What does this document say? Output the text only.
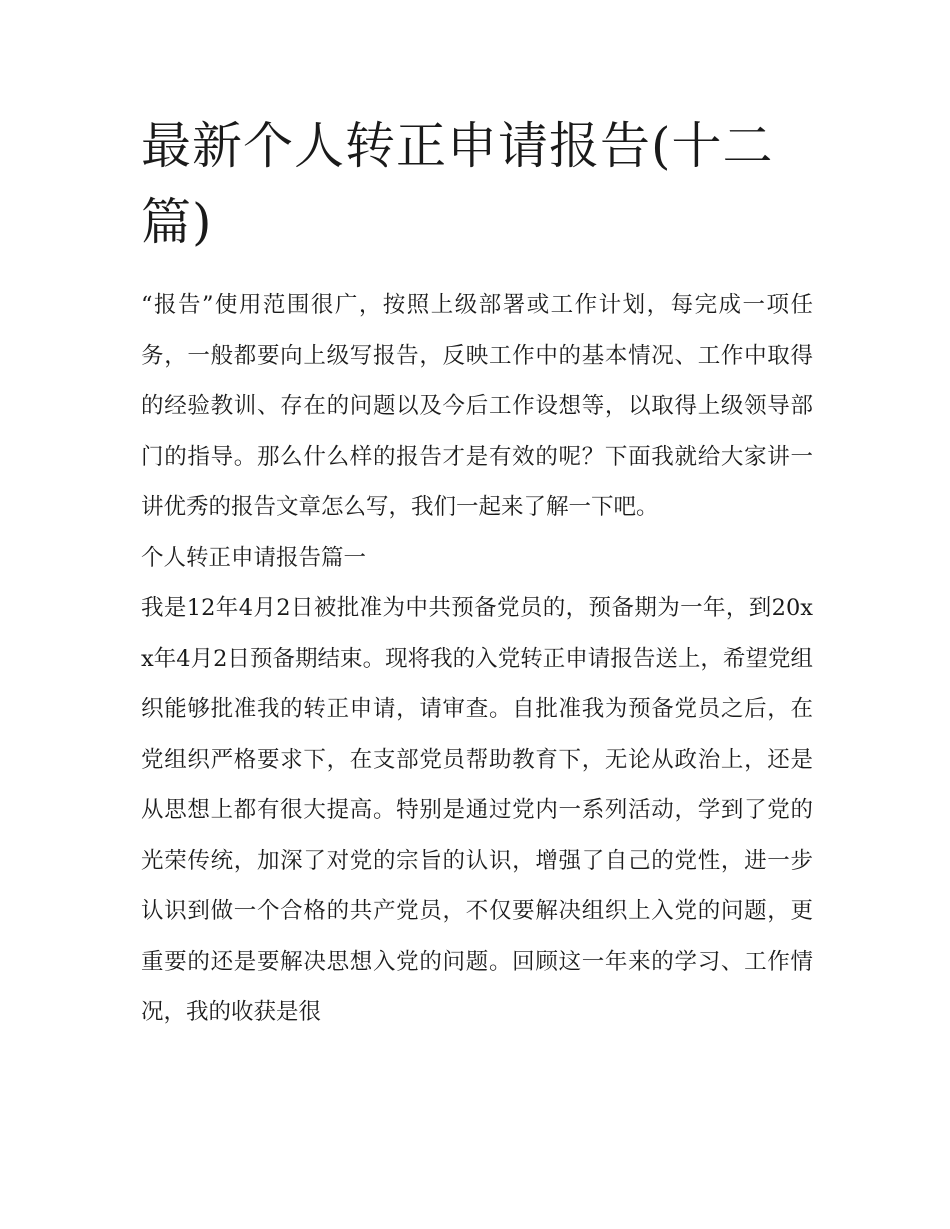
最新个人转正申请报告(十二篇)

“报告”使用范围很广，按照上级部署或工作计划，每完成一项任务，一般都要向上级写报告，反映工作中的基本情况、工作中取得的经验教训、存在的问题以及今后工作设想等，以取得上级领导部门的指导。那么什么样的报告才是有效的呢？下面我就给大家讲一讲优秀的报告文章怎么写，我们一起来了解一下吧。

个人转正申请报告篇一

我是12年4月2日被批准为中共预备党员的，预备期为一年，到20xx年4月2日预备期结束。现将我的入党转正申请报告送上，希望党组织能够批准我的转正申请，请审查。自批准我为预备党员之后，在党组织严格要求下，在支部党员帮助教育下，无论从政治上，还是从思想上都有很大提高。特别是通过党内一系列活动，学到了党的光荣传统，加深了对党的宗旨的认识，增强了自己的党性，进一步认识到做一个合格的共产党员，不仅要解决组织上入党的问题，更重要的还是要解决思想入党的问题。回顾这一年来的学习、工作情况，我的收获是很
